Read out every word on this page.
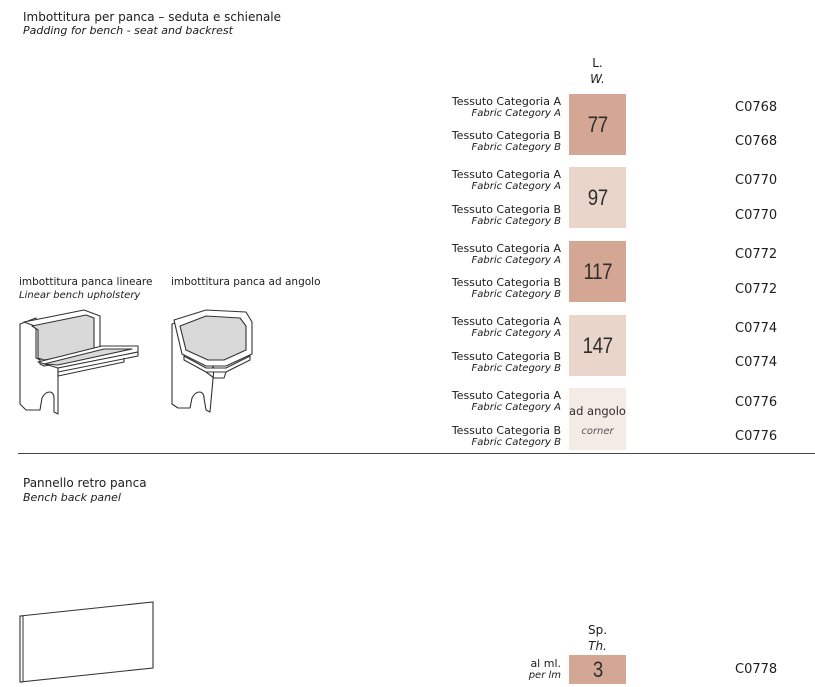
Imbottitura per panca – seduta e schienale
Padding for bench - seat and backrest
L.
W.
Tessuto Categoria A
Fabric Category A
Tessuto Categoria B
Fabric Category B
77
C0768
C0768
Tessuto Categoria A
Fabric Category A
Tessuto Categoria B
Fabric Category B
97
C0770
C0770
Tessuto Categoria A
Fabric Category A
Tessuto Categoria B
Fabric Category B
117
C0772
C0772
Tessuto Categoria A
Fabric Category A
Tessuto Categoria B
Fabric Category B
147
C0774
C0774
Tessuto Categoria A
Fabric Category A
Tessuto Categoria B
Fabric Category B
ad angolo
corner
C0776
C0776
imbottitura panca lineare
Linear bench upholstery
imbottitura panca ad angolo
Pannello retro panca
Bench back panel
Sp.
Th.
al ml.
per lm 3	C0778
